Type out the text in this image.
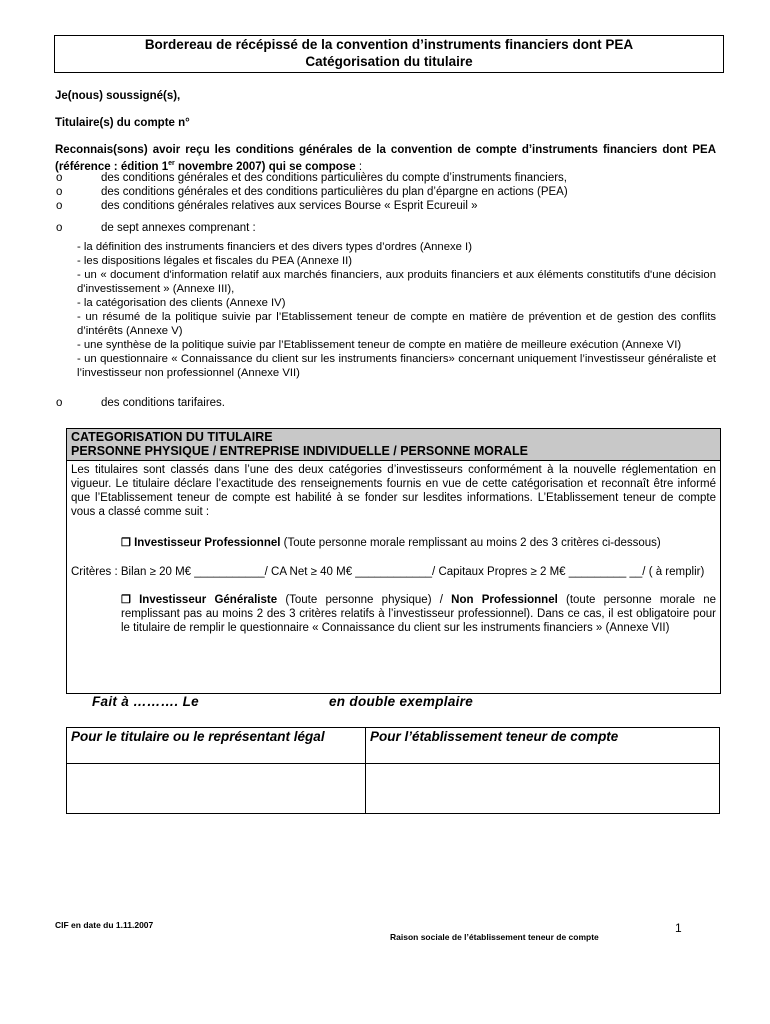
Bordereau de récépissé de la convention d’instruments financiers dont PEA
Catégorisation du titulaire
Je(nous) soussigné(s),
Titulaire(s) du compte n°
Reconnais(sons) avoir reçu les conditions générales de la convention de compte d’instruments financiers dont PEA (référence : édition 1er novembre 2007) qui se compose :
o	des conditions générales et des conditions particulières du compte d’instruments financiers,
o	des conditions générales et des conditions particulières du plan d’épargne en actions (PEA)
o	des conditions générales relatives aux services Bourse « Esprit Ecureuil »
o	de sept annexes comprenant :
- la définition des instruments financiers et des divers types d’ordres (Annexe I)
- les dispositions légales et fiscales du PEA (Annexe II)
- un « document d'information relatif aux marchés financiers, aux produits financiers et aux éléments constitutifs d'une décision d'investissement » (Annexe III),
- la catégorisation des clients (Annexe IV)
- un résumé de la politique suivie par l’Etablissement teneur de compte en matière de prévention et de gestion des conflits d’intérêts (Annexe V)
- une synthèse de la politique suivie par l’Etablissement teneur de compte en matière de meilleure exécution (Annexe VI)
- un questionnaire « Connaissance du client sur les instruments financiers» concernant uniquement l’investisseur généraliste et l’investisseur non professionnel (Annexe VII)
o	des conditions tarifaires.
CATEGORISATION DU TITULAIRE
PERSONNE PHYSIQUE / ENTREPRISE INDIVIDUELLE / PERSONNE MORALE
Les titulaires sont classés dans l’une des deux catégories d’investisseurs conformément à la nouvelle réglementation en vigueur. Le titulaire déclare l’exactitude des renseignements fournis en vue de cette catégorisation et reconnaît être informé que l’Etablissement teneur de compte est habilité à se fonder sur lesdites informations. L’Etablissement teneur de compte vous a classé comme suit :
❒ Investisseur Professionnel (Toute personne morale remplissant au moins 2 des 3 critères ci-dessous)
Critères : Bilan ≥ 20 M€ ___________/ CA Net ≥ 40 M€ ____________/ Capitaux Propres ≥ 2 M€ _________ __/ ( à remplir)
❒ Investisseur Généraliste (Toute personne physique) / Non Professionnel (toute personne morale ne remplissant pas au moins 2 des 3 critères relatifs à l’investisseur professionnel). Dans ce cas, il est obligatoire pour le titulaire de remplir le questionnaire « Connaissance du client sur les instruments financiers » (Annexe VII)
Fait à ………. Le	en double exemplaire
Pour le titulaire ou le représentant légal	Pour l’établissement teneur de compte

CIF en date du 1.11.2007	1
Raison sociale de l’établissement teneur de compte
